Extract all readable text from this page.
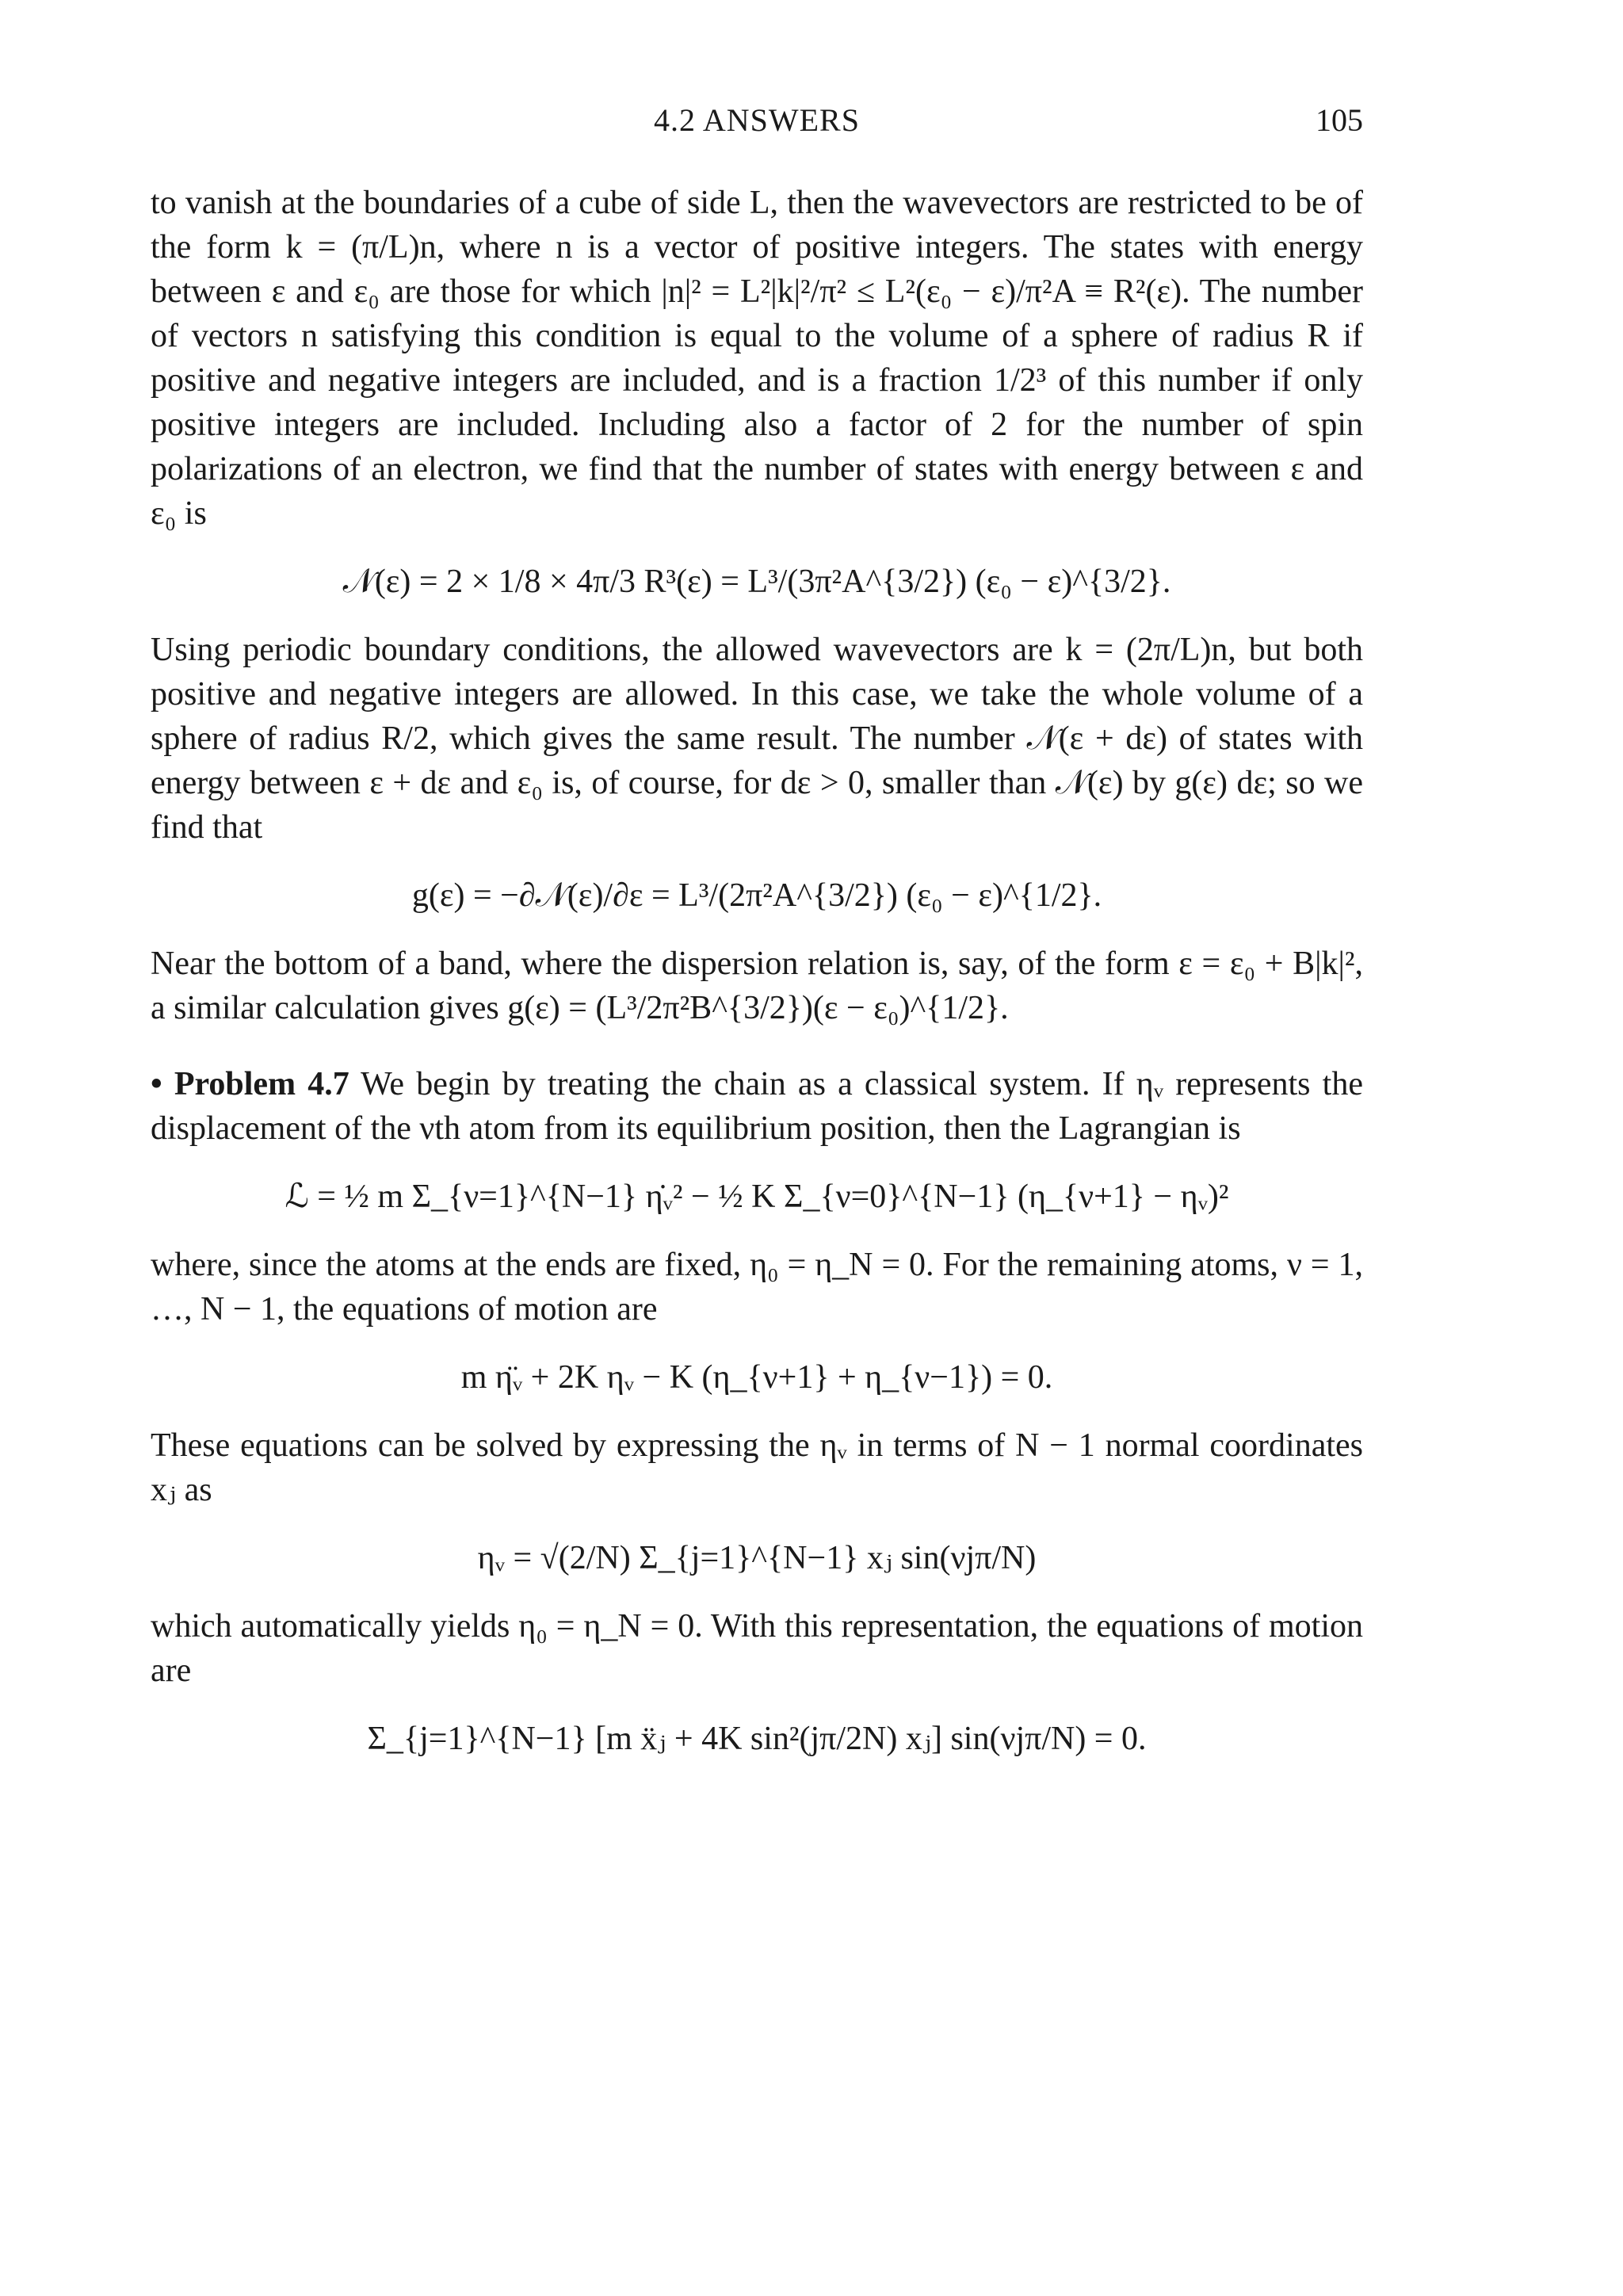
4.2 ANSWERS	105

to vanish at the boundaries of a cube of side L, then the wavevectors are restricted to be of the form k = (π/L)n, where n is a vector of positive integers. The states with energy between ε and ε₀ are those for which |n|² = L²|k|²/π² ≤ L²(ε₀ − ε)/π²A ≡ R²(ε). The number of vectors n satisfying this condition is equal to the volume of a sphere of radius R if positive and negative integers are included, and is a fraction 1/2³ of this number if only positive integers are included. Including also a factor of 2 for the number of spin polarizations of an electron, we find that the number of states with energy between ε and ε₀ is

𝒩(ε) = 2 × 1/8 × 4π/3 R³(ε) = L³/(3π²A^{3/2}) (ε₀ − ε)^{3/2}.

Using periodic boundary conditions, the allowed wavevectors are k = (2π/L)n, but both positive and negative integers are allowed. In this case, we take the whole volume of a sphere of radius R/2, which gives the same result. The number 𝒩(ε + dε) of states with energy between ε + dε and ε₀ is, of course, for dε > 0, smaller than 𝒩(ε) by g(ε) dε; so we find that

g(ε) = −∂𝒩(ε)/∂ε = L³/(2π²A^{3/2}) (ε₀ − ε)^{1/2}.

Near the bottom of a band, where the dispersion relation is, say, of the form ε = ε₀ + B|k|², a similar calculation gives g(ε) = (L³/2π²B^{3/2})(ε − ε₀)^{1/2}.

• Problem 4.7 We begin by treating the chain as a classical system. If ηᵥ represents the displacement of the νth atom from its equilibrium position, then the Lagrangian is

ℒ = ½ m Σ_{ν=1}^{N−1} η̇ᵥ² − ½ K Σ_{ν=0}^{N−1} (η_{ν+1} − ηᵥ)²

where, since the atoms at the ends are fixed, η₀ = η_N = 0. For the remaining atoms, ν = 1, …, N − 1, the equations of motion are

m η̈ᵥ + 2K ηᵥ − K (η_{ν+1} + η_{ν−1}) = 0.

These equations can be solved by expressing the ηᵥ in terms of N − 1 normal coordinates xⱼ as

ηᵥ = √(2/N) Σ_{j=1}^{N−1} xⱼ sin(νjπ/N)

which automatically yields η₀ = η_N = 0. With this representation, the equations of motion are

Σ_{j=1}^{N−1} [m ẍⱼ + 4K sin²(jπ/2N) xⱼ] sin(νjπ/N) = 0.
